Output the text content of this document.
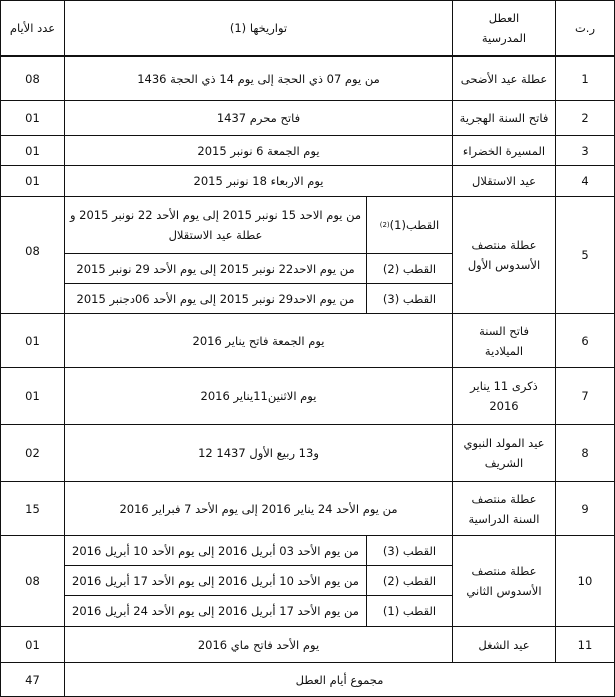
ر.ت
العطل
المدرسية
تواريخها (1)
عدد الأيام
1
عطلة عيد الأضحى
من يوم 07 ذي الحجة إلى يوم 14 ذي الحجة 1436
08
2
فاتح السنة الهجرية
فاتح محرم 1437
01
3
المسيرة الخضراء
يوم الجمعة 6 نونبر 2015
01
4
عيد الاستقلال
يوم الاربعاء 18 نونبر 2015
01
5
عطلة منتصف
الأسدوس الأول
(2) القطب(1)
من يوم الاحد 15 نونبر 2015 إلى يوم الأحد 22 نونبر 2015 و
عطلة عيد الاستقلال
القطب (2)
من يوم الاحد22 نونبر 2015 إلى يوم الأحد 29 نونبر 2015
القطب (3)
من يوم الاحد29 نونبر 2015 إلى يوم الأحد 06دجنبر 2015
08
6
فاتح السنة
الميلادية
يوم الجمعة فاتح يناير 2016
01
7
ذكرى 11 يناير
2016
يوم الاثنين11يناير 2016
01
8
عيد المولد النبوي
الشريف
12 و13 ربيع الأول 1437
02
9
عطلة منتصف
السنة الدراسية
من يوم الأحد 24 يناير 2016 إلى يوم الأحد 7 فبراير 2016
15
10
عطلة منتصف
الأسدوس الثاني
القطب (3)
من يوم الأحد 03 أبريل 2016 إلى يوم الأحد 10 أبريل 2016
القطب (2)
من يوم الأحد 10 أبريل 2016 إلى يوم الأحد 17 أبريل 2016
القطب (1)
من يوم الأحد 17 أبريل 2016 إلى يوم الأحد 24 أبريل 2016
08
11
عيد الشغل
يوم الأحد فاتح ماي 2016
01
مجموع أيام العطل
47
